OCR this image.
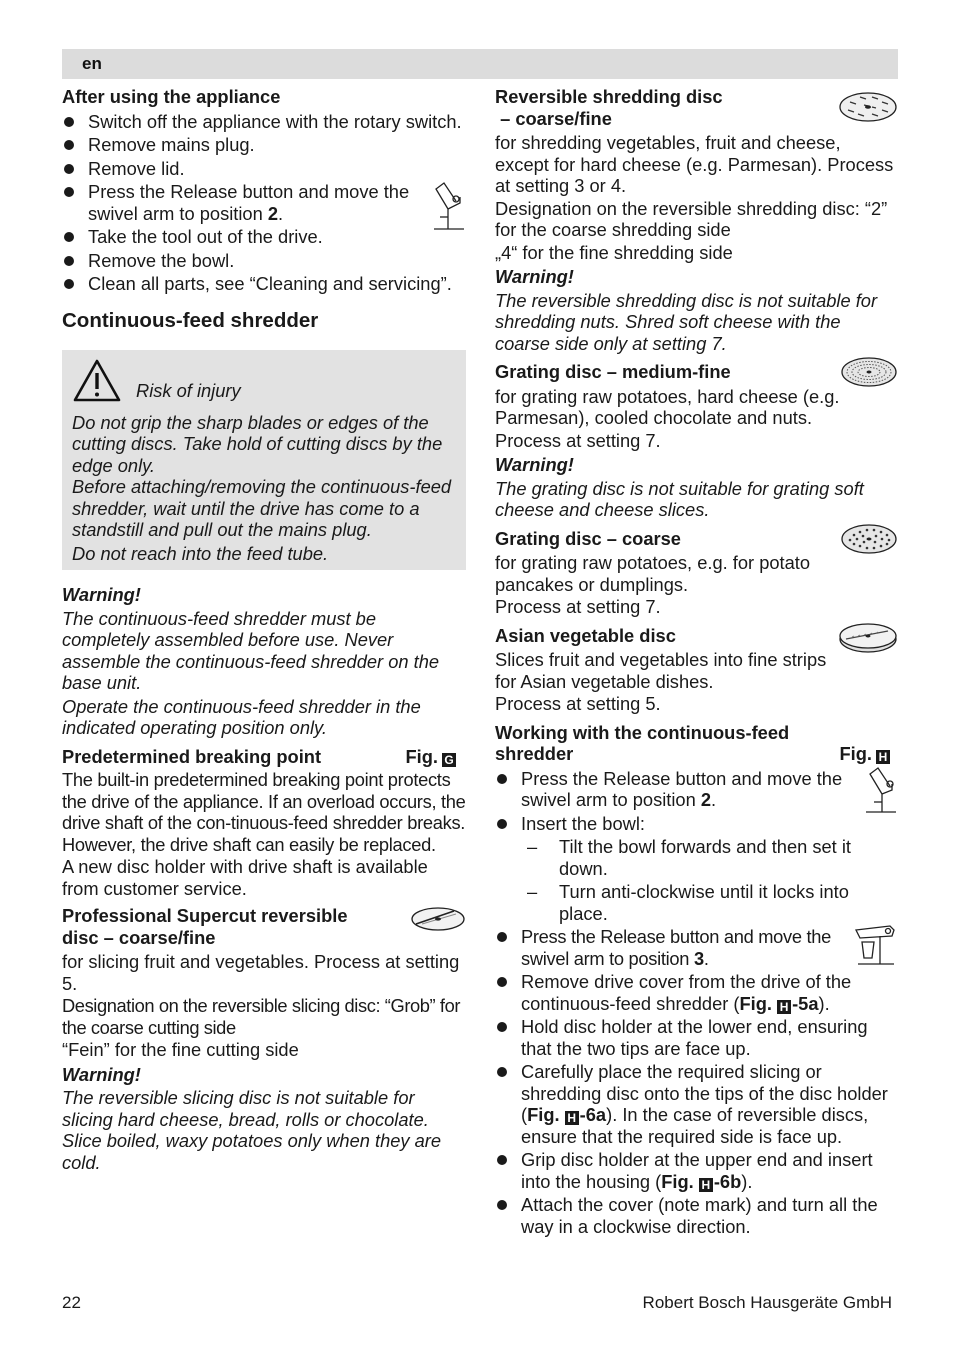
en
After using the appliance
Switch off the appliance with the rotary switch.
Remove mains plug.
Remove lid.
Press the Release button and move the swivel arm to position 2.
Take the tool out of the drive.
Remove the bowl.
Clean all parts, see “Cleaning and servicing”.
Continuous-feed shredder
Risk of injury

Do not grip the sharp blades or edges of the cutting discs. Take hold of cutting discs by the edge only.

Before attaching/removing the continuous-feed shredder, wait until the drive has come to a standstill and pull out the mains plug.

Do not reach into the feed tube.

Warning!

The continuous-feed shredder must be completely assembled before use. Never assemble the continuous-feed shredder on the base unit.

Operate the continuous-feed shredder in the indicated operating position only.

Predetermined breaking point	Fig. G

The built-in predetermined breaking point protects the drive of the appliance. If an overload occurs, the drive shaft of the con-tinuous-feed shredder breaks. However, the drive shaft can easily be replaced.

A new disc holder with drive shaft is available from customer service.

Professional Supercut reversible
disc – coarse/fine

for slicing fruit and vegetables. Process at setting 5.

Designation on the reversible slicing disc: “Grob” for the coarse cutting side

“Fein” for the fine cutting side

Warning!

The reversible slicing disc is not suitable for slicing hard cheese, bread, rolls or chocolate. Slice boiled, waxy potatoes only when they are cold.

Reversible shredding disc
– coarse/fine

for shredding vegetables, fruit and cheese, except for hard cheese (e.g. Parmesan). Process at setting 3 or 4.

Designation on the reversible shredding disc: “2” for the coarse shredding side

„4“ for the fine shredding side

Warning!

The reversible shredding disc is not suitable for shredding nuts. Shred soft cheese with the coarse side only at setting 7.

Grating disc – medium-fine

for grating raw potatoes, hard cheese (e.g. Parmesan), cooled chocolate and nuts.

Process at setting 7.

Warning!

The grating disc is not suitable for grating soft cheese and cheese slices.

Grating disc – coarse

for grating raw potatoes, e.g. for potato pancakes or dumplings.

Process at setting 7.

Asian vegetable disc

Slices fruit and vegetables into fine strips for Asian vegetable dishes.

Process at setting 5.

Working with the continuous-feed
shredder	Fig. H
Press the Release button and move the swivel arm to position 2.
Insert the bowl:
– Tilt the bowl forwards and then set it down.
– Turn anti-clockwise until it locks into place.
Press the Release button and move the swivel arm to position 3.
Remove drive cover from the drive of the continuous-feed shredder (Fig. H -5a).
Hold disc holder at the lower end, ensuring that the two tips are face up.
Carefully place the required slicing or shredding disc onto the tips of the disc holder (Fig. H -6a). In the case of reversible discs, ensure that the required side is face up.
Grip disc holder at the upper end and insert into the housing (Fig. H -6b).
Attach the cover (note mark) and turn all the way in a clockwise direction.
22	Robert Bosch Hausgeräte GmbH
